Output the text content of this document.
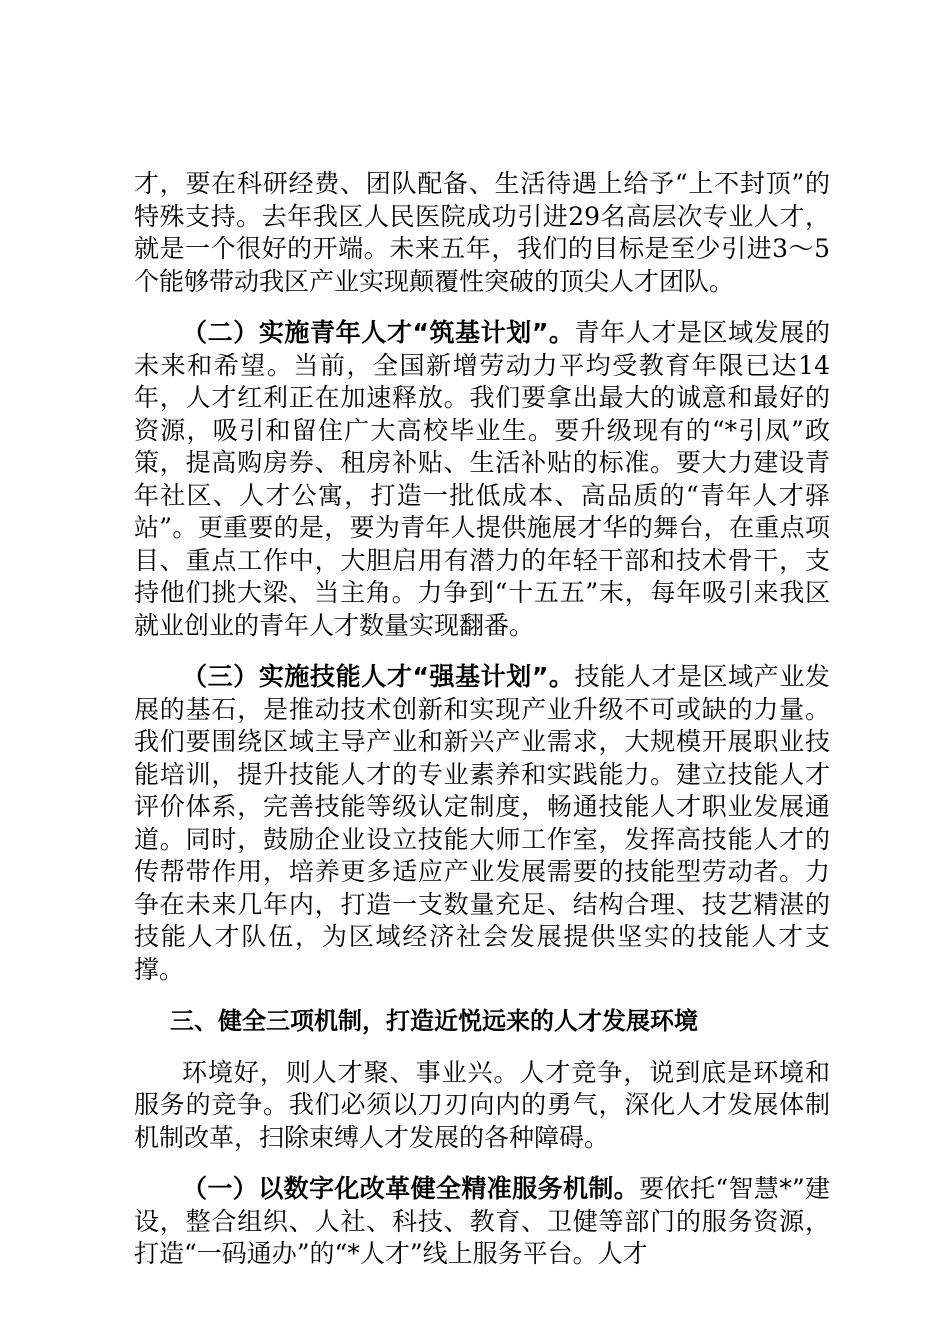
才，要在科研经费、团队配备、生活待遇上给予“上不封顶”的特殊支持。去年我区人民医院成功引进29名高层次专业人才，就是一个很好的开端。未来五年，我们的目标是至少引进3～5个能够带动我区产业实现颠覆性突破的顶尖人才团队。

（二）实施青年人才“筑基计划”。青年人才是区域发展的未来和希望。当前，全国新增劳动力平均受教育年限已达14年，人才红利正在加速释放。我们要拿出最大的诚意和最好的资源，吸引和留住广大高校毕业生。要升级现有的“*引凤”政策，提高购房券、租房补贴、生活补贴的标准。要大力建设青年社区、人才公寓，打造一批低成本、高品质的“青年人才驿站”。更重要的是，要为青年人提供施展才华的舞台，在重点项目、重点工作中，大胆启用有潜力的年轻干部和技术骨干，支持他们挑大梁、当主角。力争到“十五五”末，每年吸引来我区就业创业的青年人才数量实现翻番。

（三）实施技能人才“强基计划”。技能人才是区域产业发展的基石，是推动技术创新和实现产业升级不可或缺的力量。我们要围绕区域主导产业和新兴产业需求，大规模开展职业技能培训，提升技能人才的专业素养和实践能力。建立技能人才评价体系，完善技能等级认定制度，畅通技能人才职业发展通道。同时，鼓励企业设立技能大师工作室，发挥高技能人才的传帮带作用，培养更多适应产业发展需要的技能型劳动者。力争在未来几年内，打造一支数量充足、结构合理、技艺精湛的技能人才队伍，为区域经济社会发展提供坚实的技能人才支撑。

三、健全三项机制，打造近悦远来的人才发展环境

环境好，则人才聚、事业兴。人才竞争，说到底是环境和服务的竞争。我们必须以刀刃向内的勇气，深化人才发展体制机制改革，扫除束缚人才发展的各种障碍。

（一）以数字化改革健全精准服务机制。要依托“智慧*”建设，整合组织、人社、科技、教育、卫健等部门的服务资源，打造“一码通办”的“*人才”线上服务平台。人才
